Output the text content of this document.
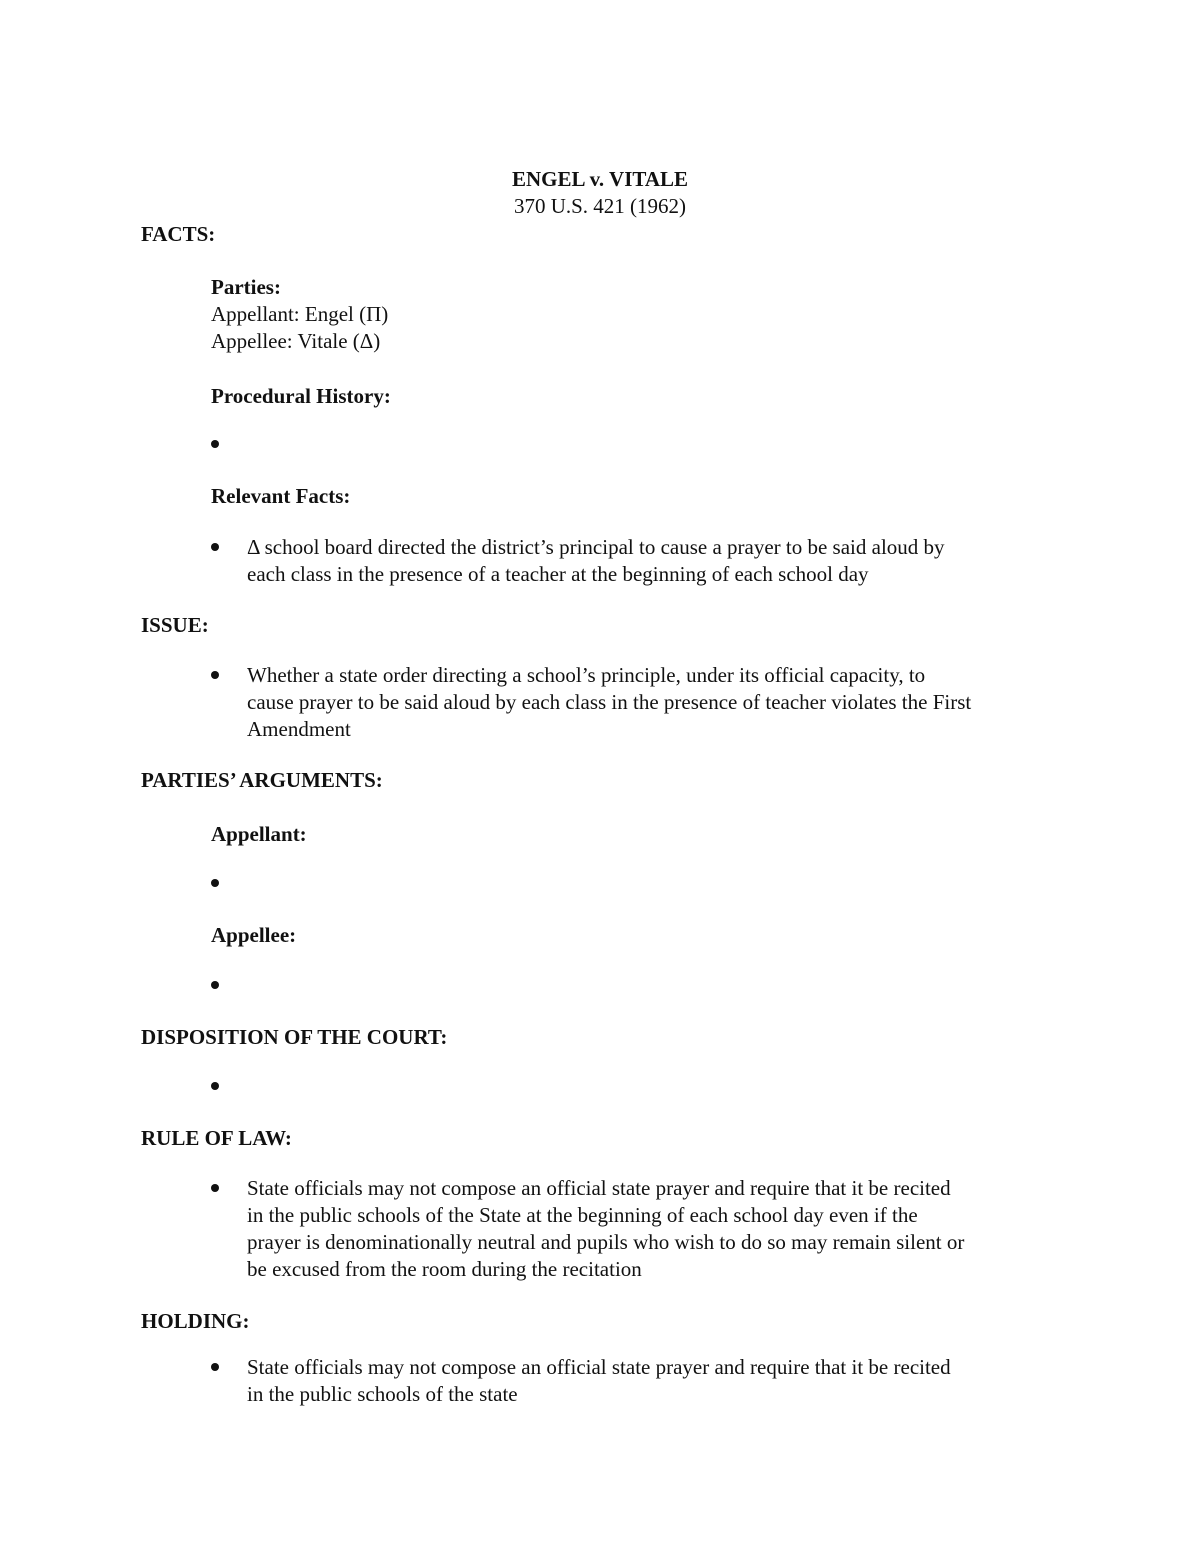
ENGEL v. VITALE
370 U.S. 421 (1962)
FACTS:
Parties:
Appellant: Engel (Π)
Appellee: Vitale (Δ)
Procedural History:
Relevant Facts:
Δ school board directed the district’s principal to cause a prayer to be said aloud by
each class in the presence of a teacher at the beginning of each school day
ISSUE:
Whether a state order directing a school’s principle, under its official capacity, to
cause prayer to be said aloud by each class in the presence of teacher violates the First
Amendment
PARTIES’ ARGUMENTS:
Appellant:
Appellee:
DISPOSITION OF THE COURT:
RULE OF LAW:
State officials may not compose an official state prayer and require that it be recited
in the public schools of the State at the beginning of each school day even if the
prayer is denominationally neutral and pupils who wish to do so may remain silent or
be excused from the room during the recitation
HOLDING:
State officials may not compose an official state prayer and require that it be recited
in the public schools of the state
